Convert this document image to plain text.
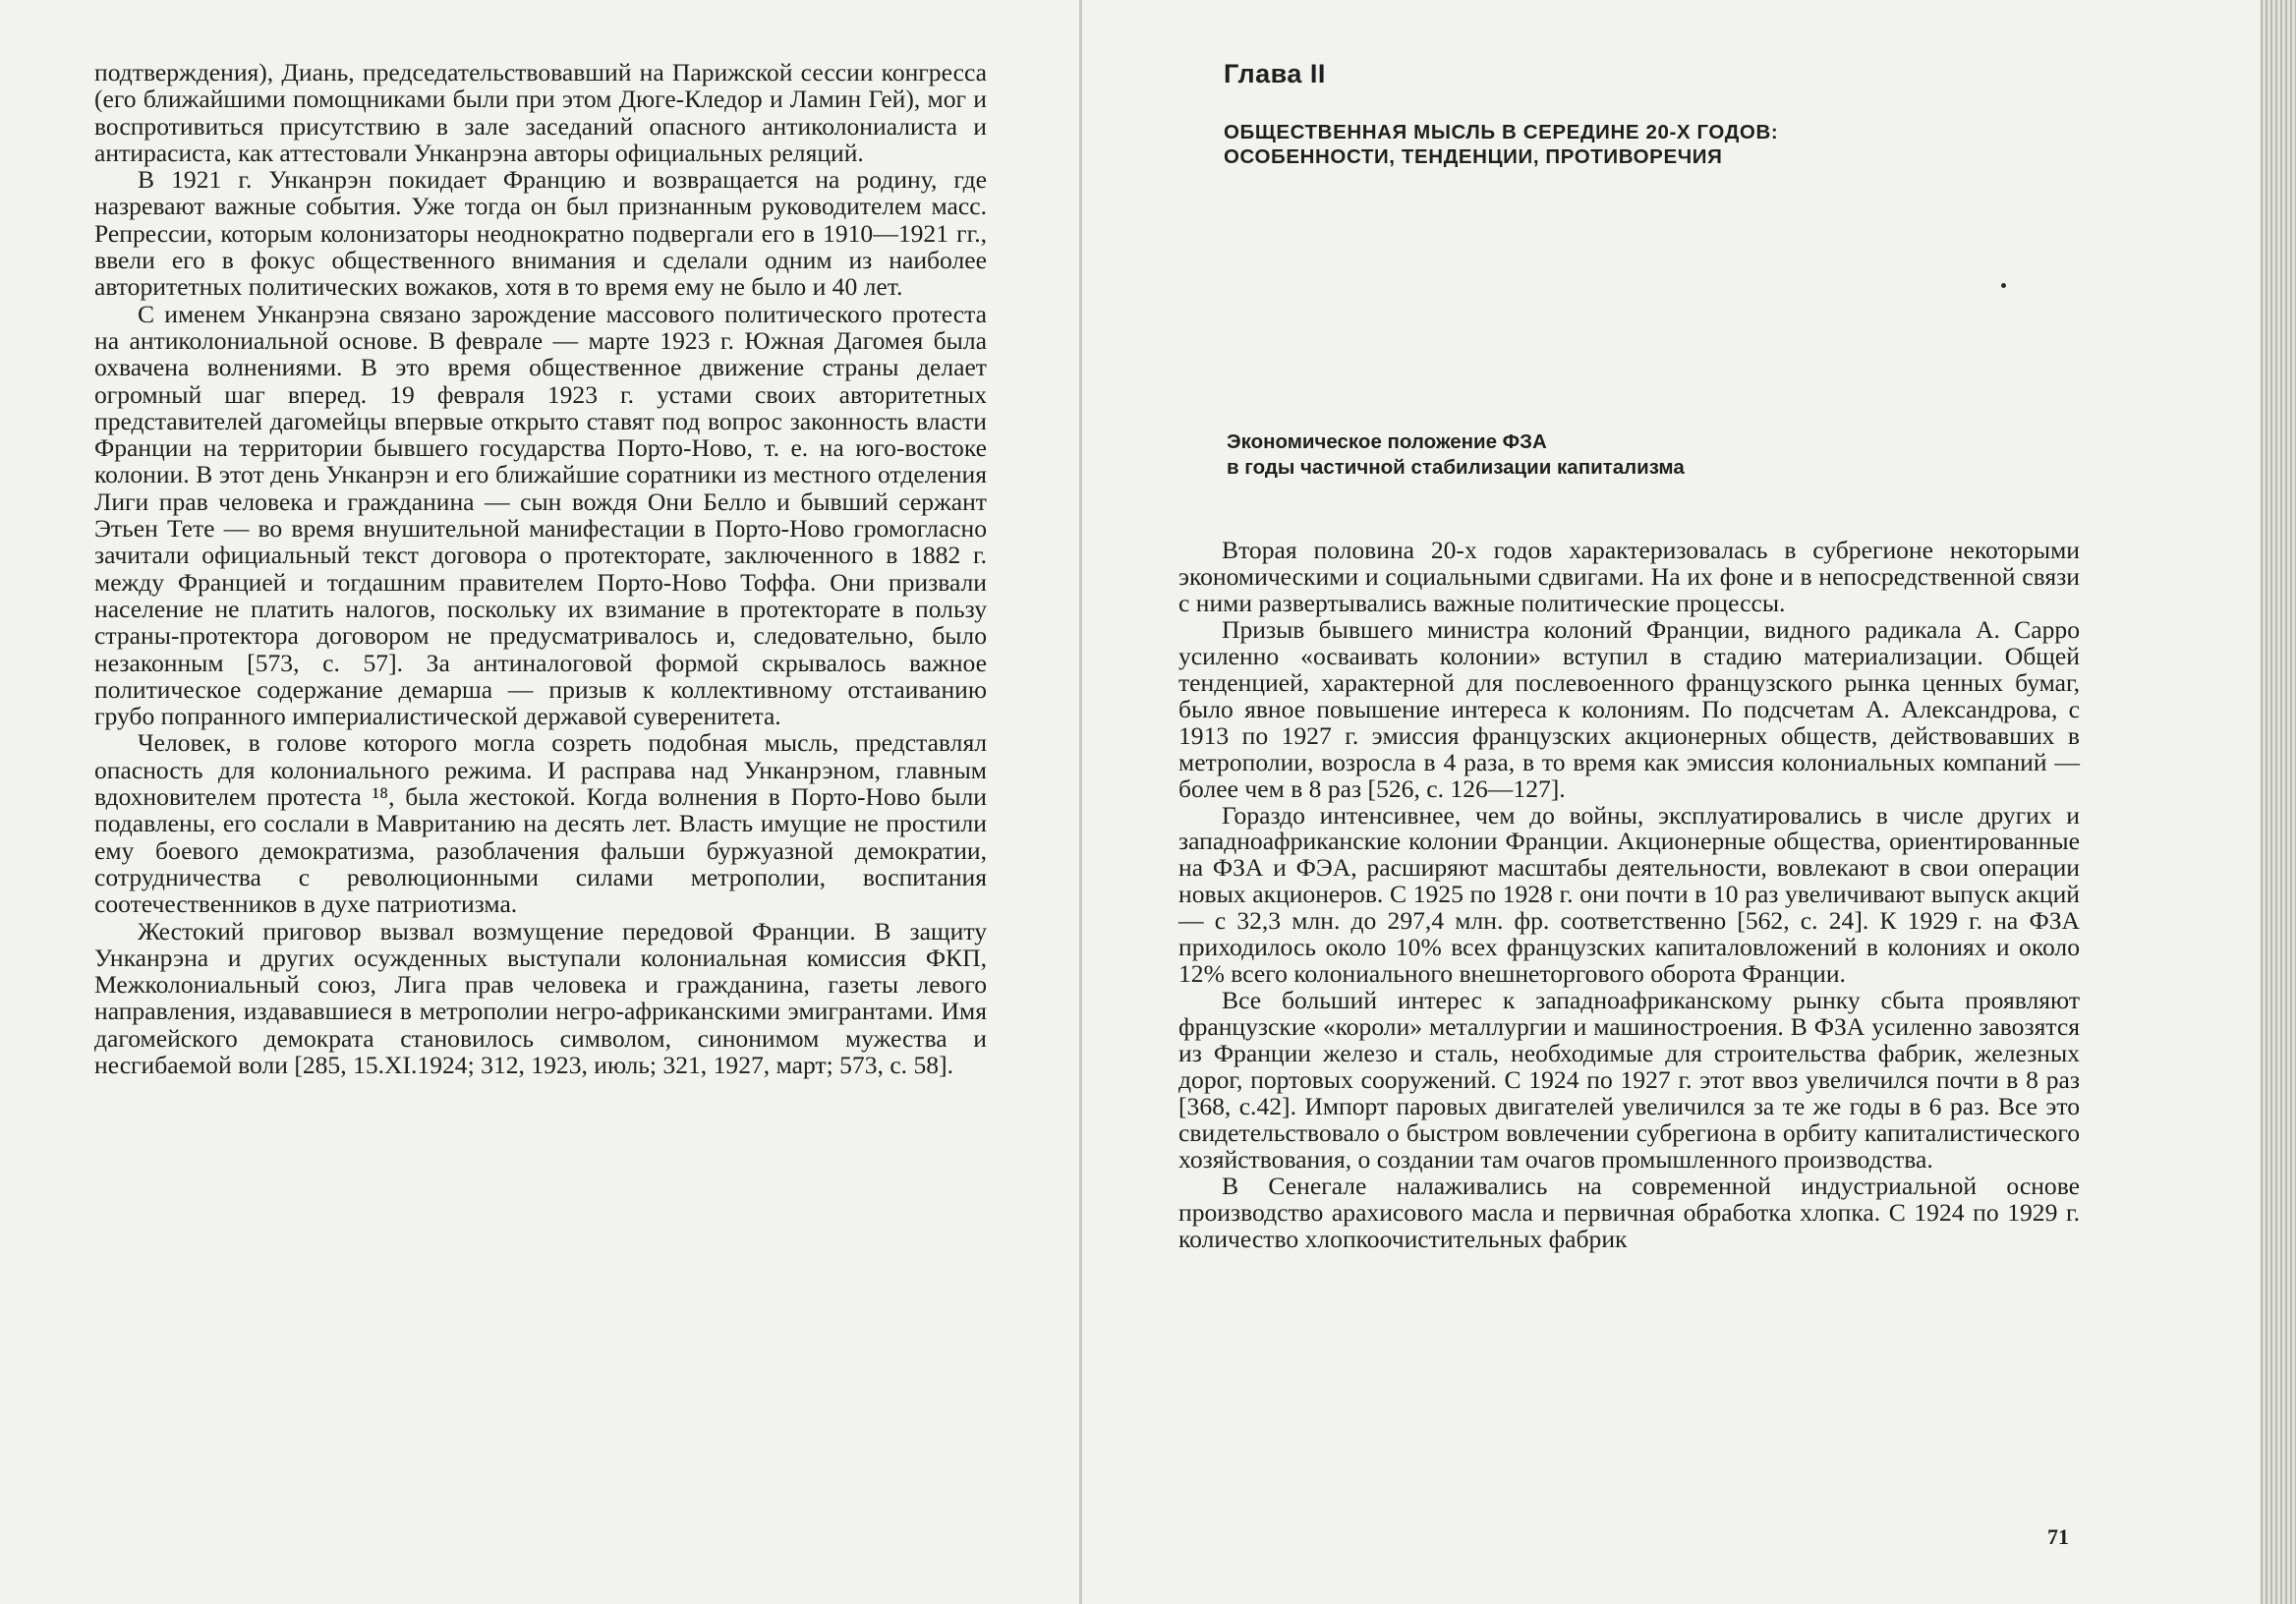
подтверждения), Диань, председательствовавший на Парижской сессии конгресса (его ближайшими помощниками были при этом Дюге-Кледор и Ламин Гей), мог и воспротивиться присутствию в зале заседаний опасного антиколониалиста и антирасиста, как аттестовали Унканрэна авторы официальных реляций.

В 1921 г. Унканрэн покидает Францию и возвращается на родину, где назревают важные события. Уже тогда он был признанным руководителем масс. Репрессии, которым колонизаторы неоднократно подвергали его в 1910—1921 гг., ввели его в фокус общественного внимания и сделали одним из наиболее авторитетных политических вожаков, хотя в то время ему не было и 40 лет.

С именем Унканрэна связано зарождение массового политического протеста на антиколониальной основе. В феврале — марте 1923 г. Южная Дагомея была охвачена волнениями. В это время общественное движение страны делает огромный шаг вперед. 19 февраля 1923 г. устами своих авторитетных представителей дагомейцы впервые открыто ставят под вопрос законность власти Франции на территории бывшего государства Порто-Ново, т. е. на юго-востоке колонии. В этот день Унканрэн и его ближайшие соратники из местного отделения Лиги прав человека и гражданина — сын вождя Они Белло и бывший сержант Этьен Тете — во время внушительной манифестации в Порто-Ново громогласно зачитали официальный текст договора о протекторате, заключенного в 1882 г. между Францией и тогдашним правителем Порто-Ново Тоффа. Они призвали население не платить налогов, поскольку их взимание в протекторате в пользу страны-протектора договором не предусматривалось и, следовательно, было незаконным [573, с. 57]. За антиналоговой формой скрывалось важное политическое содержание демарша — призыв к коллективному отстаиванию грубо попранного империалистической державой суверенитета.

Человек, в голове которого могла созреть подобная мысль, представлял опасность для колониального режима. И расправа над Унканрэном, главным вдохновителем протеста ¹⁸, была жестокой. Когда волнения в Порто-Ново были подавлены, его сослали в Мавританию на десять лет. Власть имущие не простили ему боевого демократизма, разоблачения фальши буржуазной демократии, сотрудничества с революционными силами метрополии, воспитания соотечественников в духе патриотизма.

Жестокий приговор вызвал возмущение передовой Франции. В защиту Унканрэна и других осужденных выступали колониальная комиссия ФКП, Межколониальный союз, Лига прав человека и гражданина, газеты левого направления, издававшиеся в метрополии негро-африканскими эмигрантами. Имя дагомейского демократа становилось символом, синонимом мужества и несгибаемой воли [285, 15.XI.1924; 312, 1923, июль; 321, 1927, март; 573, с. 58].

Глава II
ОБЩЕСТВЕННАЯ МЫСЛЬ В СЕРЕДИНЕ 20-Х ГОДОВ:
ОСОБЕННОСТИ, ТЕНДЕНЦИИ, ПРОТИВОРЕЧИЯ
Экономическое положение ФЗА
в годы частичной стабилизации капитализма

Вторая половина 20-х годов характеризовалась в субрегионе некоторыми экономическими и социальными сдвигами. На их фоне и в непосредственной связи с ними развертывались важные политические процессы.

Призыв бывшего министра колоний Франции, видного радикала А. Сарро усиленно «осваивать колонии» вступил в стадию материализации. Общей тенденцией, характерной для послевоенного французского рынка ценных бумаг, было явное повышение интереса к колониям. По подсчетам А. Александрова, с 1913 по 1927 г. эмиссия французских акционерных обществ, действовавших в метрополии, возросла в 4 раза, в то время как эмиссия колониальных компаний — более чем в 8 раз [526, с. 126—127].

Гораздо интенсивнее, чем до войны, эксплуатировались в числе других и западноафриканские колонии Франции. Акционерные общества, ориентированные на ФЗА и ФЭА, расширяют масштабы деятельности, вовлекают в свои операции новых акционеров. С 1925 по 1928 г. они почти в 10 раз увеличивают выпуск акций — с 32,3 млн. до 297,4 млн. фр. соответственно [562, с. 24]. К 1929 г. на ФЗА приходилось около 10% всех французских капиталовложений в колониях и около 12% всего колониального внешнеторгового оборота Франции.

Все больший интерес к западноафриканскому рынку сбыта проявляют французские «короли» металлургии и машиностроения. В ФЗА усиленно завозятся из Франции железо и сталь, необходимые для строительства фабрик, железных дорог, портовых сооружений. С 1924 по 1927 г. этот ввоз увеличился почти в 8 раз [368, с.42]. Импорт паровых двигателей увеличился за те же годы в 6 раз. Все это свидетельствовало о быстром вовлечении субрегиона в орбиту капиталистического хозяйствования, о создании там очагов промышленного производства.

В Сенегале налаживались на современной индустриальной основе производство арахисового масла и первичная обработка хлопка. С 1924 по 1929 г. количество хлопкоочистительных фабрик

71
